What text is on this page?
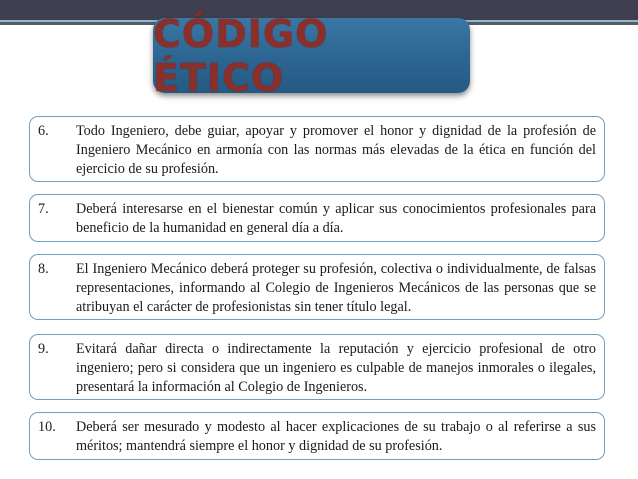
CÓDIGO ÉTICO
6. Todo Ingeniero, debe guiar, apoyar y promover el honor y dignidad de la profesión de Ingeniero Mecánico en armonía con las normas más elevadas de la ética en función del ejercicio de su profesión.
7. Deberá interesarse en el bienestar común y aplicar sus conocimientos profesionales para beneficio de la humanidad en general día a día.
8. El Ingeniero Mecánico deberá proteger su profesión, colectiva o individualmente, de falsas representaciones, informando al Colegio de Ingenieros Mecánicos de las personas que se atribuyan el carácter de profesionistas sin tener título legal.
9. Evitará dañar directa o indirectamente la reputación y ejercicio profesional de otro ingeniero; pero si considera que un ingeniero es culpable de manejos inmorales o ilegales, presentará la información al Colegio de Ingenieros.
10. Deberá ser mesurado y modesto al hacer explicaciones de su trabajo o al referirse a sus méritos; mantendrá siempre el honor y dignidad de su profesión.
